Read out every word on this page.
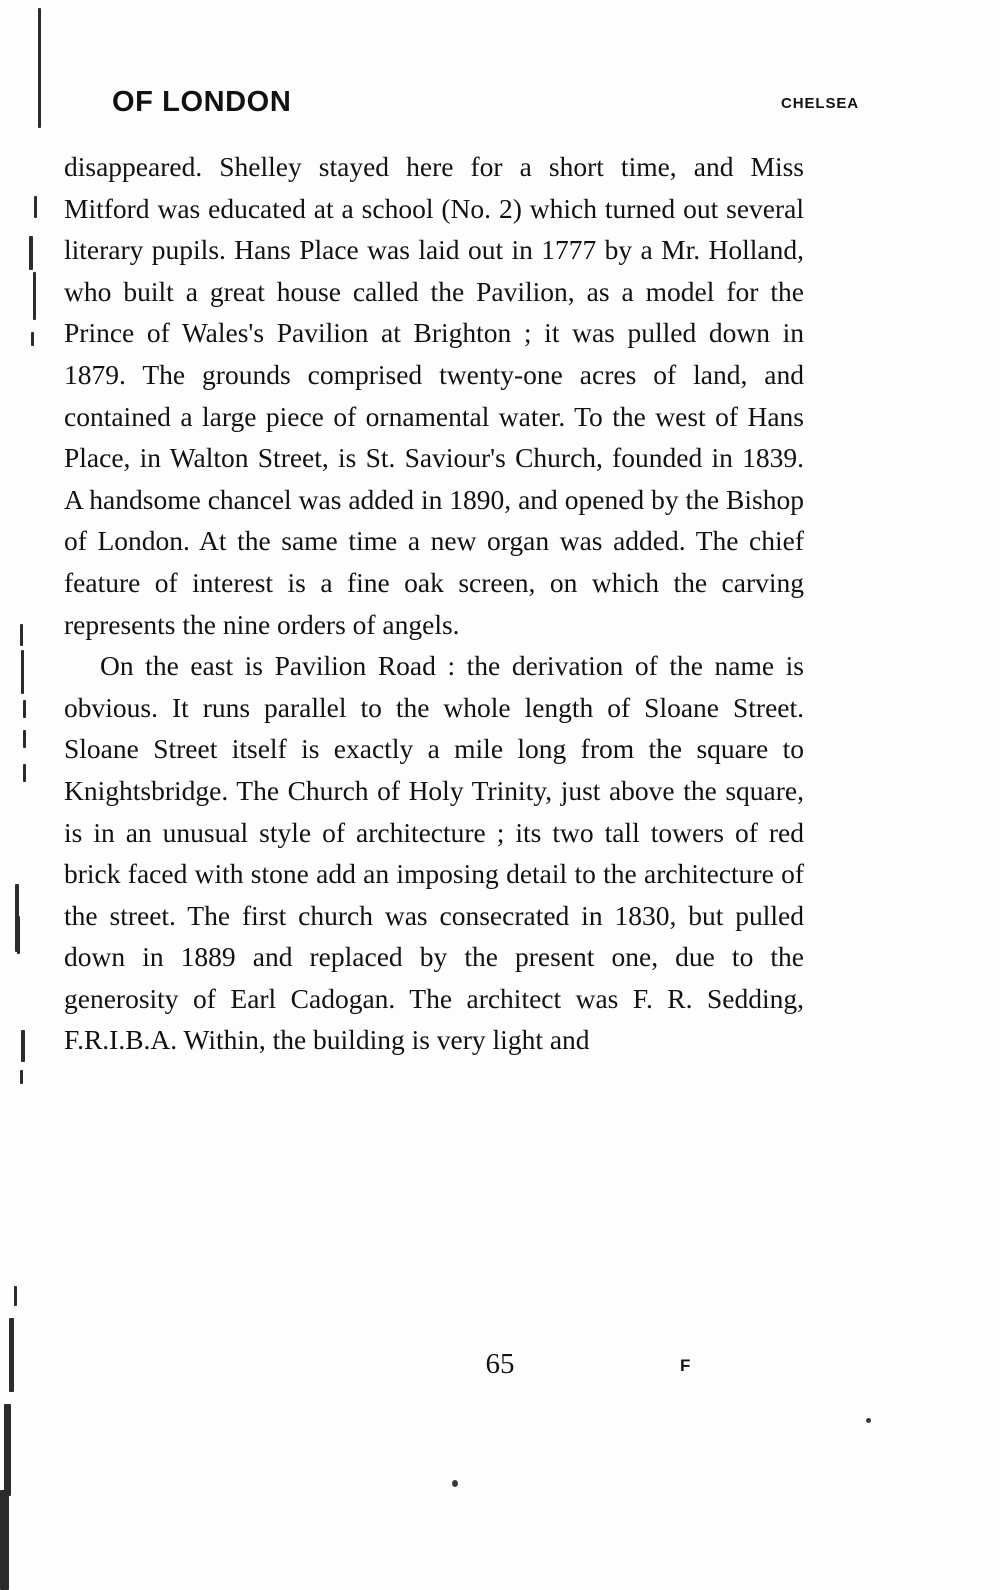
OF LONDON	CHELSEA

disappeared. Shelley stayed here for a short time, and Miss Mitford was educated at a school (No. 2) which turned out several literary pupils. Hans Place was laid out in 1777 by a Mr. Holland, who built a great house called the Pavilion, as a model for the Prince of Wales's Pavilion at Brighton ; it was pulled down in 1879. The grounds comprised twenty-one acres of land, and contained a large piece of ornamental water. To the west of Hans Place, in Walton Street, is St. Saviour's Church, founded in 1839. A handsome chancel was added in 1890, and opened by the Bishop of London. At the same time a new organ was added. The chief feature of interest is a fine oak screen, on which the carving represents the nine orders of angels.

On the east is Pavilion Road : the derivation of the name is obvious. It runs parallel to the whole length of Sloane Street. Sloane Street itself is exactly a mile long from the square to Knightsbridge. The Church of Holy Trinity, just above the square, is in an unusual style of architecture ; its two tall towers of red brick faced with stone add an imposing detail to the architecture of the street. The first church was consecrated in 1830, but pulled down in 1889 and replaced by the present one, due to the generosity of Earl Cadogan. The architect was F. R. Sedding, F.R.I.B.A. Within, the building is very light and

65	F
